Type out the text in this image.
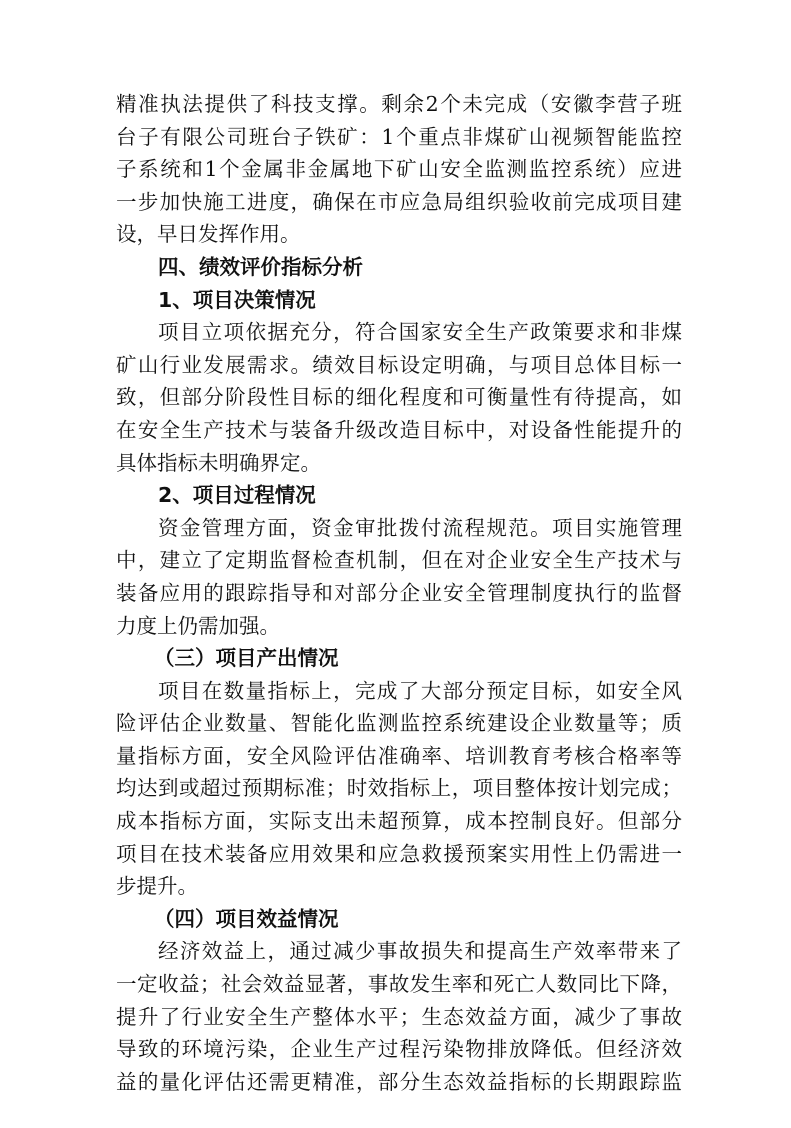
精准执法提供了科技支撑。剩余2个未完成（安徽李营子班
台子有限公司班台子铁矿：1个重点非煤矿山视频智能监控
子系统和1个金属非金属地下矿山安全监测监控系统）应进
一步加快施工进度，确保在市应急局组织验收前完成项目建
设，早日发挥作用。
四、绩效评价指标分析
1、项目决策情况
项目立项依据充分，符合国家安全生产政策要求和非煤
矿山行业发展需求。绩效目标设定明确，与项目总体目标一
致，但部分阶段性目标的细化程度和可衡量性有待提高，如
在安全生产技术与装备升级改造目标中，对设备性能提升的
具体指标未明确界定。
2、项目过程情况
资金管理方面，资金审批拨付流程规范。项目实施管理
中，建立了定期监督检查机制，但在对企业安全生产技术与
装备应用的跟踪指导和对部分企业安全管理制度执行的监督
力度上仍需加强。
（三）项目产出情况
项目在数量指标上，完成了大部分预定目标，如安全风
险评估企业数量、智能化监测监控系统建设企业数量等；质
量指标方面，安全风险评估准确率、培训教育考核合格率等
均达到或超过预期标准；时效指标上，项目整体按计划完成；
成本指标方面，实际支出未超预算，成本控制良好。但部分
项目在技术装备应用效果和应急救援预案实用性上仍需进一
步提升。
（四）项目效益情况
经济效益上，通过减少事故损失和提高生产效率带来了
一定收益；社会效益显著，事故发生率和死亡人数同比下降，
提升了行业安全生产整体水平；生态效益方面，减少了事故
导致的环境污染，企业生产过程污染物排放降低。但经济效
益的量化评估还需更精准，部分生态效益指标的长期跟踪监
